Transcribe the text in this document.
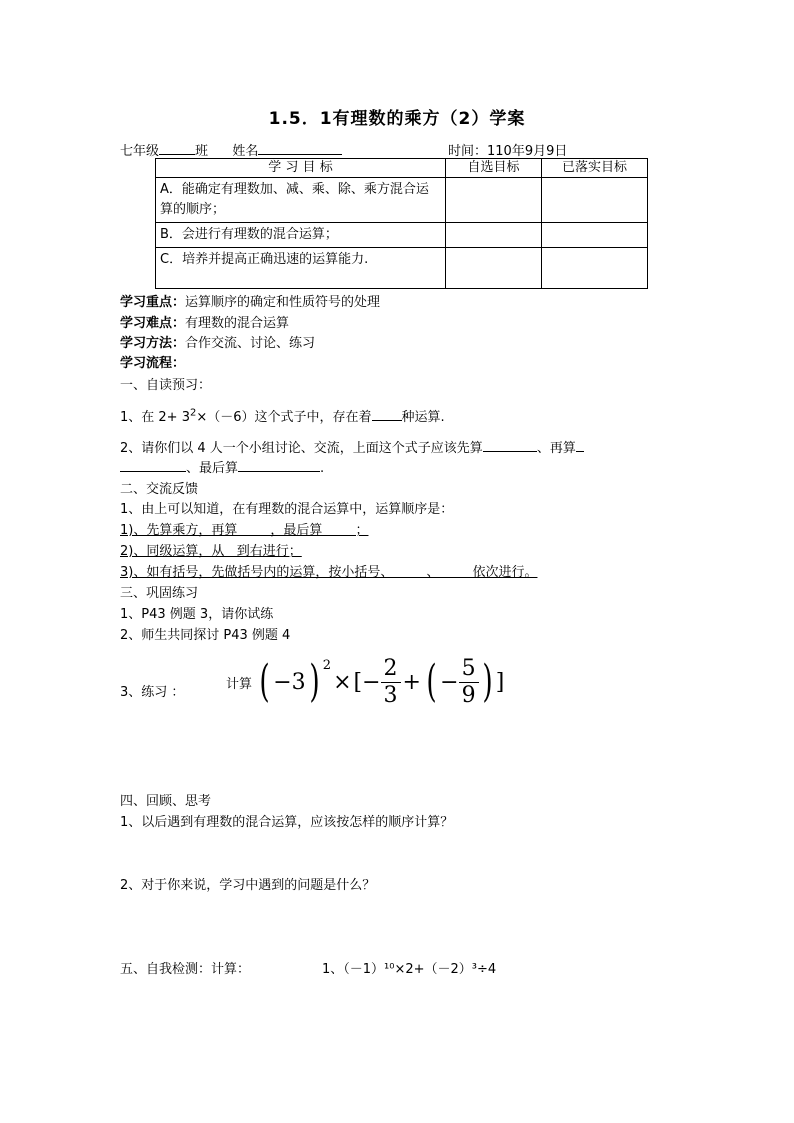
1.5．1有理数的乘方（2）学案
七年级	班 姓名	时间：110年9月9日
学 习 目 标	自选目标	已落实目标
A．能确定有理数加、减、乘、除、乘方混合运算的顺序；		
B．会进行有理数的混合运算；		
C．培养并提高正确迅速的运算能力.		
学习重点：运算顺序的确定和性质符号的处理
学习难点：有理数的混合运算
学习方法：合作交流、讨论、练习
学习流程：
一、自读预习：
1、在 $2+ 3^2\times(-6)$这个式子中，存在着 种运算.
2、请你们以 4 人一个小组讨论、交流，上面这个式子应该先算	、再算
、最后算	.
二、交流反馈
1、由上可以知道，在有理数的混合运算中，运算顺序是：
1)、先算乘方，再算        ，最后算        ；
2)、同级运算，从   到右进行；
3)、如有括号，先做括号内的运算，按小括号、        、        依次进行。
三、巩固练习
1、P43 例题 3，请你试练
2、师生共同探讨 P43 例题 4
3、练习 ：
计算 ( −3 ) $^2$
× [ − $\frac{2}{3}$ + ( − $\frac{5}{9}$ ) ]
四、回顾、思考
1、以后遇到有理数的混合运算，应该按怎样的顺序计算？
2、对于你来说，学习中遇到的问题是什么？
五、自我检测：计算：	1、（－1）¹⁰×2+（－2）³÷4
